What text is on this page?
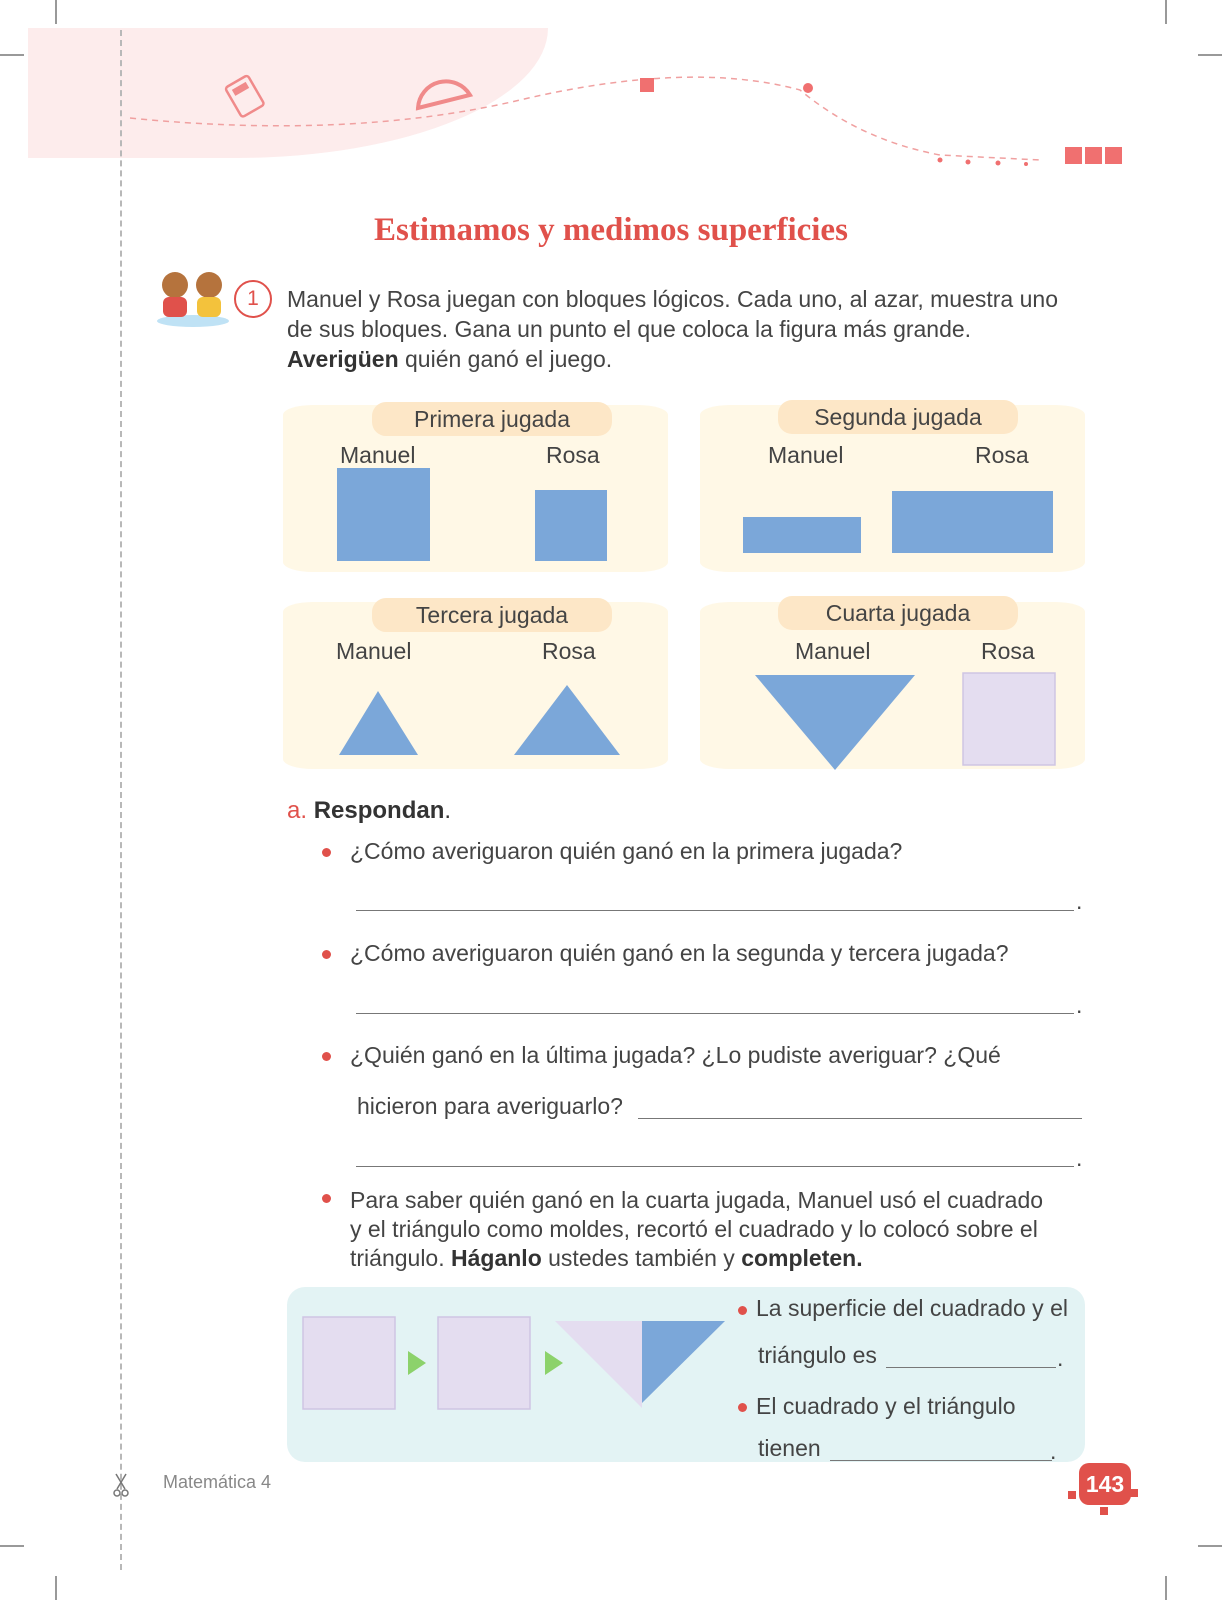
Estimamos y medimos superficies
1	Manuel y Rosa juegan con bloques lógicos. Cada uno, al azar, muestra uno
de sus bloques. Gana un punto el que coloca la figura más grande.
Averigüen quién ganó el juego.
Primera jugada
Manuel	Rosa
Segunda jugada
Manuel	Rosa
Tercera jugada
Manuel	Rosa
Cuarta jugada
Manuel	Rosa
a. Respondan.
¿Cómo averiguaron quién ganó en la primera jugada?
.
¿Cómo averiguaron quién ganó en la segunda y tercera jugada?
.
¿Quién ganó en la última jugada? ¿Lo pudiste averiguar? ¿Qué
hicieron para averiguarlo?
.
Para saber quién ganó en la cuarta jugada, Manuel usó el cuadrado
y el triángulo como moldes, recortó el cuadrado y lo colocó sobre el
triángulo. Háganlo ustedes también y completen.
La superficie del cuadrado y el
triángulo es	.
El cuadrado y el triángulo
tienen	.
Matemática 4	143
